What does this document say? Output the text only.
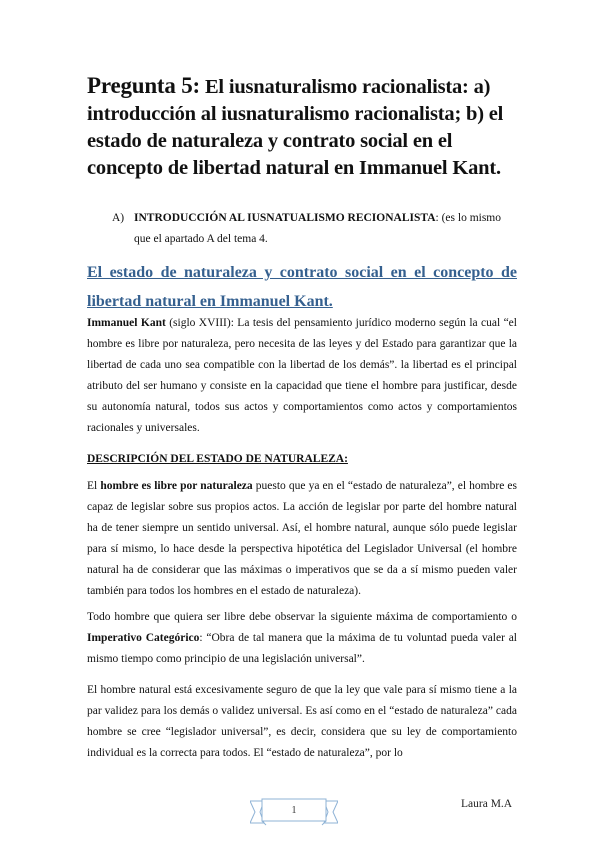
Pregunta 5: El iusnaturalismo racionalista: a) introducción al iusnaturalismo racionalista; b) el estado de naturaleza y contrato social en el concepto de libertad natural en Immanuel Kant.
A) INTRODUCCIÓN AL IUSNATUALISMO RECIONALISTA: (es lo mismo
que el apartado A del tema 4.
El estado de naturaleza y contrato social en el concepto de libertad natural en Immanuel Kant.
Immanuel Kant (siglo XVIII): La tesis del pensamiento jurídico moderno según la cual “el hombre es libre por naturaleza, pero necesita de las leyes y del Estado para garantizar que la libertad de cada uno sea compatible con la libertad de los demás”. la libertad es el principal atributo del ser humano y consiste en la capacidad que tiene el hombre para justificar, desde su autonomía natural, todos sus actos y comportamientos como actos y comportamientos racionales y universales.
DESCRIPCIÓN DEL ESTADO DE NATURALEZA:
El hombre es libre por naturaleza puesto que ya en el “estado de naturaleza”, el hombre es capaz de legislar sobre sus propios actos. La acción de legislar por parte del hombre natural ha de tener siempre un sentido universal. Así, el hombre natural, aunque sólo puede legislar para sí mismo, lo hace desde la perspectiva hipotética del Legislador Universal (el hombre natural ha de considerar que las máximas o imperativos que se da a sí mismo pueden valer también para todos los hombres en el estado de naturaleza).
Todo hombre que quiera ser libre debe observar la siguiente máxima de comportamiento o Imperativo Categórico: “Obra de tal manera que la máxima de tu voluntad pueda valer al mismo tiempo como principio de una legislación universal”.
El hombre natural está excesivamente seguro de que la ley que vale para sí mismo tiene a la par validez para los demás o validez universal. Es así como en el “estado de naturaleza” cada hombre se cree “legislador universal”, es decir, considera que su ley de comportamiento individual es la correcta para todos. El “estado de naturaleza”, por lo
1
Laura M.A
